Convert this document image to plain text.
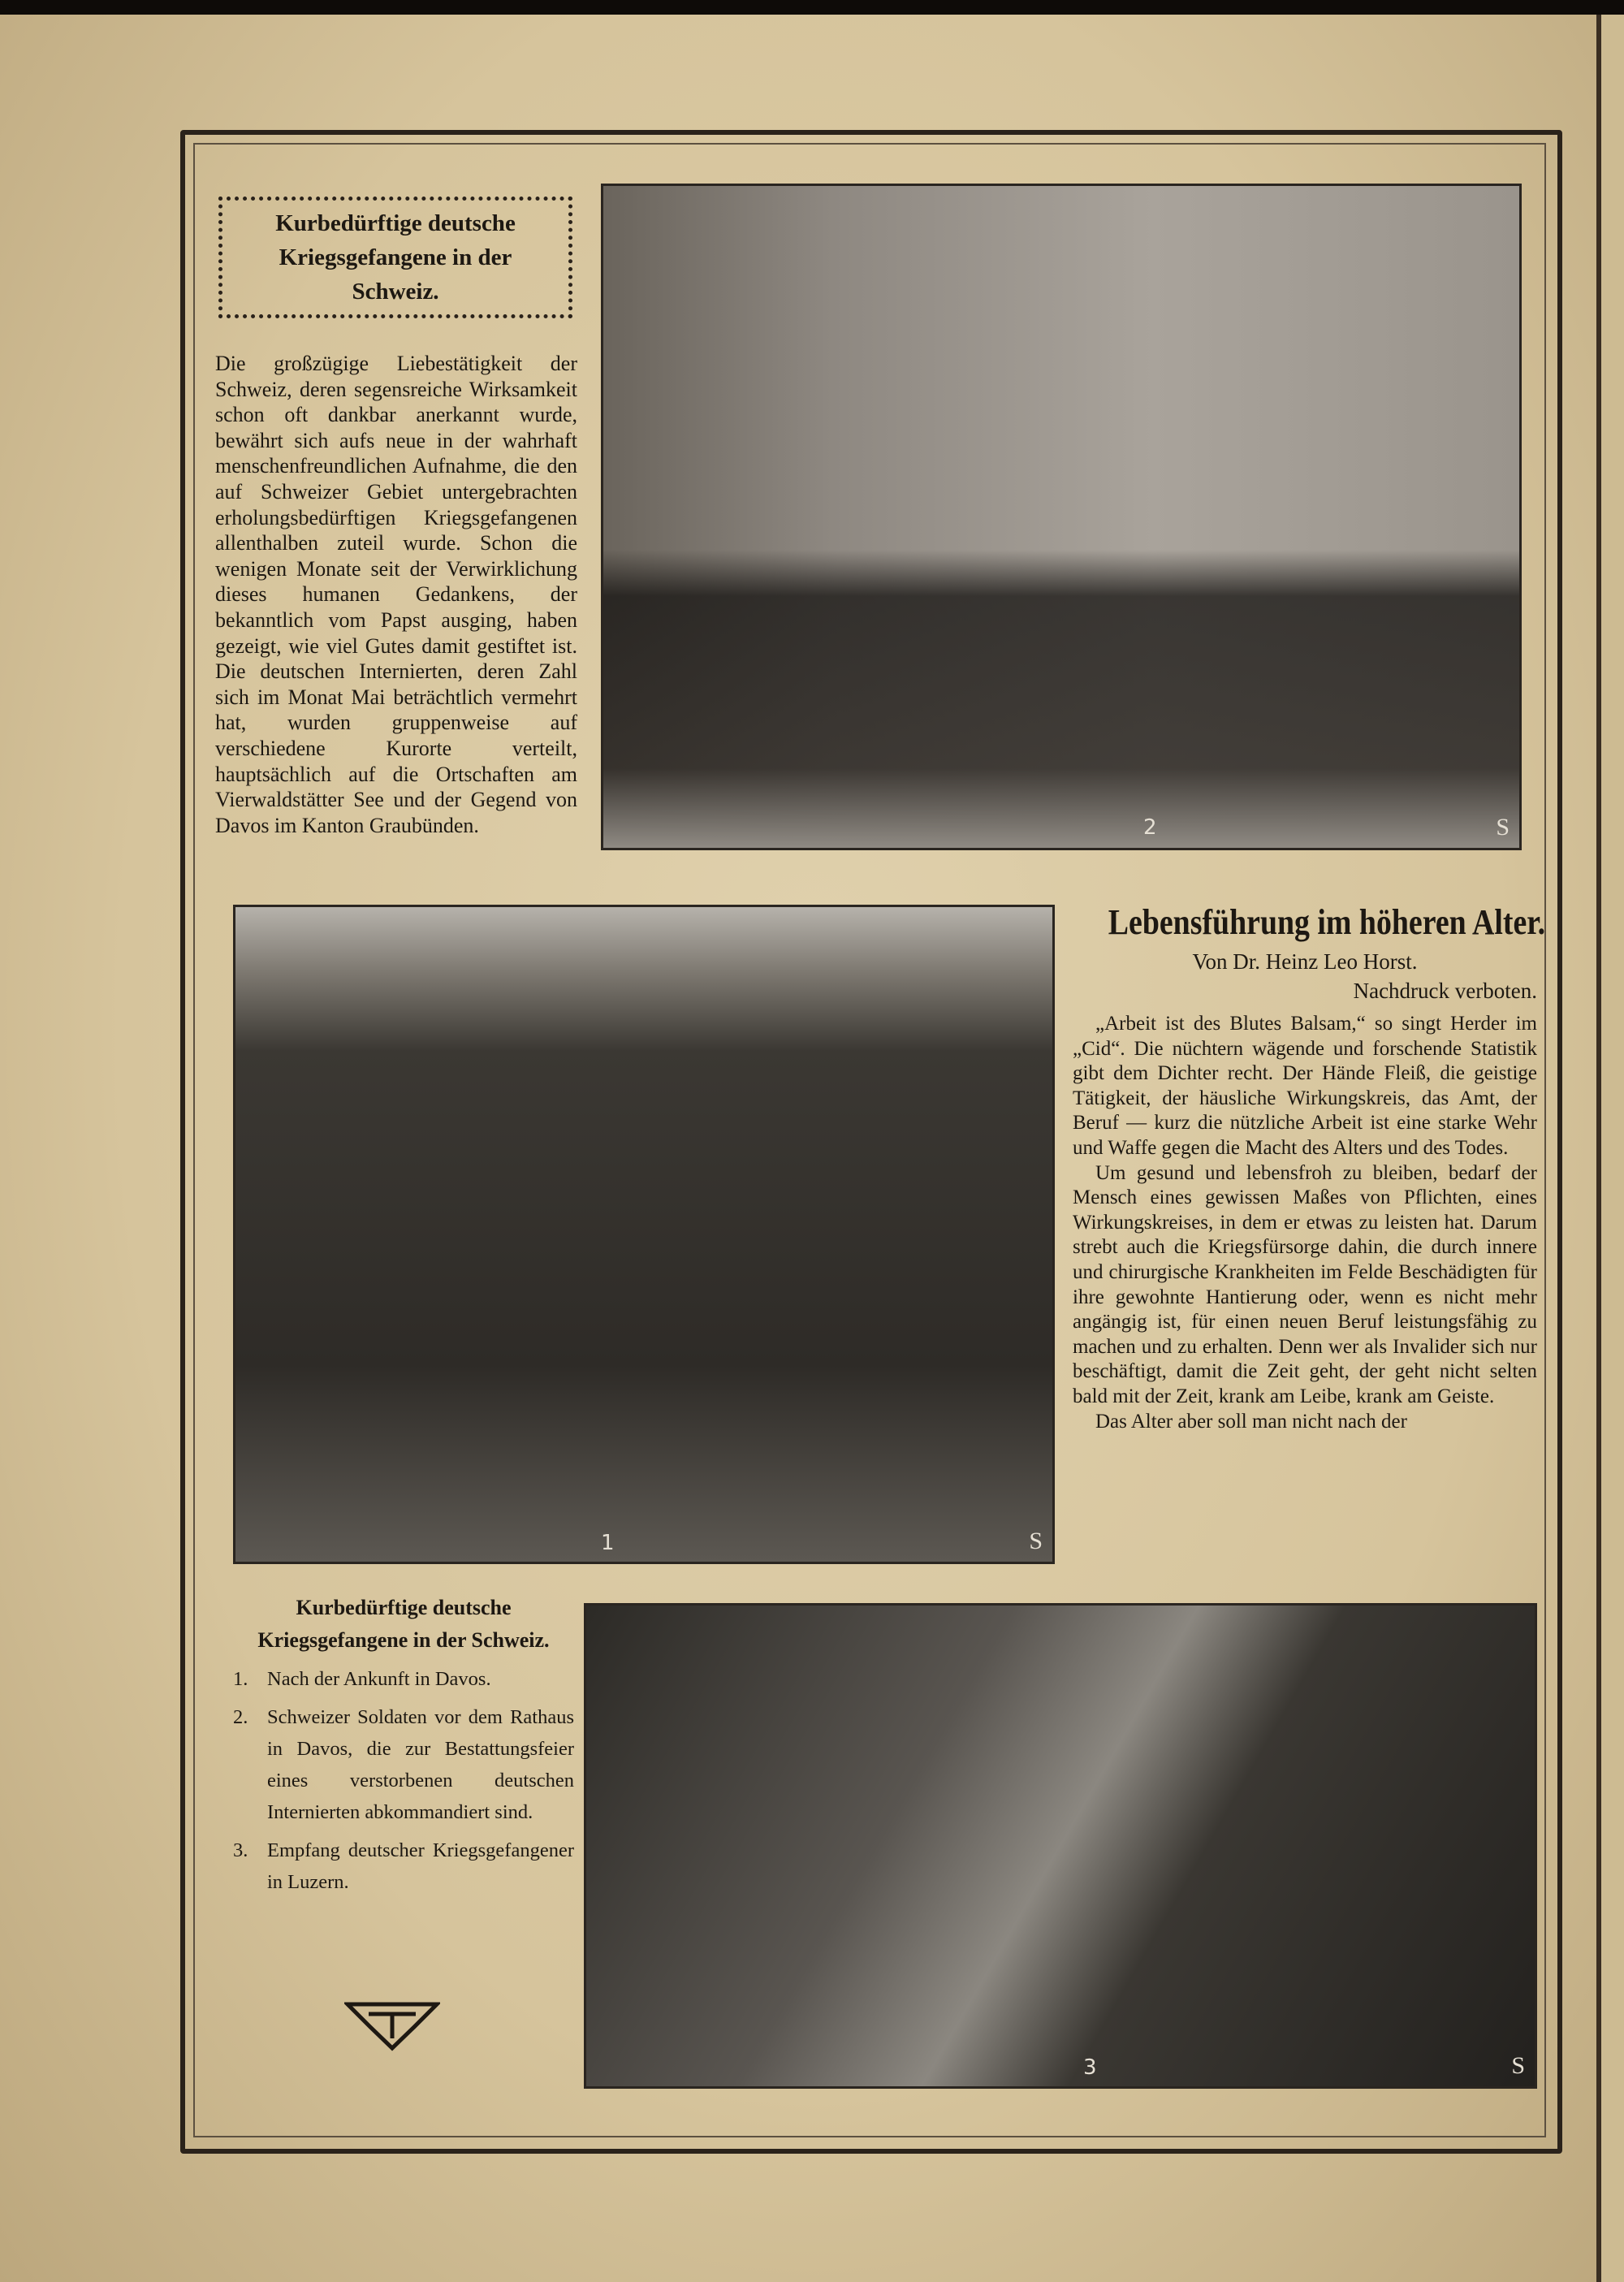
Kurbedürftige deutsche Kriegsgefangene in der Schweiz.
Die großzügige Liebestätigkeit der Schweiz, deren segensreiche Wirksamkeit schon oft dankbar anerkannt wurde, bewährt sich aufs neue in der wahrhaft menschenfreundlichen Aufnahme, die den auf Schweizer Gebiet untergebrachten erholungsbedürftigen Kriegsgefangenen allenthalben zuteil wurde. Schon die wenigen Monate seit der Verwirklichung dieses humanen Gedankens, der bekanntlich vom Papst ausging, haben gezeigt, wie viel Gutes damit gestiftet ist. Die deutschen Internierten, deren Zahl sich im Monat Mai beträchtlich vermehrt hat, wurden gruppenweise auf verschiedene Kurorte verteilt, hauptsächlich auf die Ortschaften am Vierwaldstätter See und der Gegend von Davos im Kanton Graubünden.	2	S
1	S
Lebensführung im höheren Alter.
Von Dr. Heinz Leo Horst.
Nachdruck verboten.

„Arbeit ist des Blutes Balsam,“ so singt Herder im „Cid“. Die nüchtern wägende und forschende Statistik gibt dem Dichter recht. Der Hände Fleiß, die geistige Tätigkeit, der häusliche Wirkungskreis, das Amt, der Beruf — kurz die nützliche Arbeit ist eine starke Wehr und Waffe gegen die Macht des Alters und des Todes.

Um gesund und lebensfroh zu bleiben, bedarf der Mensch eines gewissen Maßes von Pflichten, eines Wirkungskreises, in dem er etwas zu leisten hat. Darum strebt auch die Kriegsfürsorge dahin, die durch innere und chirurgische Krankheiten im Felde Beschädigten für ihre gewohnte Hantierung oder, wenn es nicht mehr angängig ist, für einen neuen Beruf leistungsfähig zu machen und zu erhalten. Denn wer als Invalider sich nur beschäftigt, damit die Zeit geht, der geht nicht selten bald mit der Zeit, krank am Leibe, krank am Geiste.

Das Alter aber soll man nicht nach der

Kurbedürftige deutsche Kriegsgefangene in der Schweiz.
1. Nach der Ankunft in Davos.
2. Schweizer Soldaten vor dem Rathaus in Davos, die zur Bestattungsfeier eines verstorbenen deutschen Internierten abkommandiert sind.
3. Empfang deutscher Kriegsgefangener in Luzern.
3	S
